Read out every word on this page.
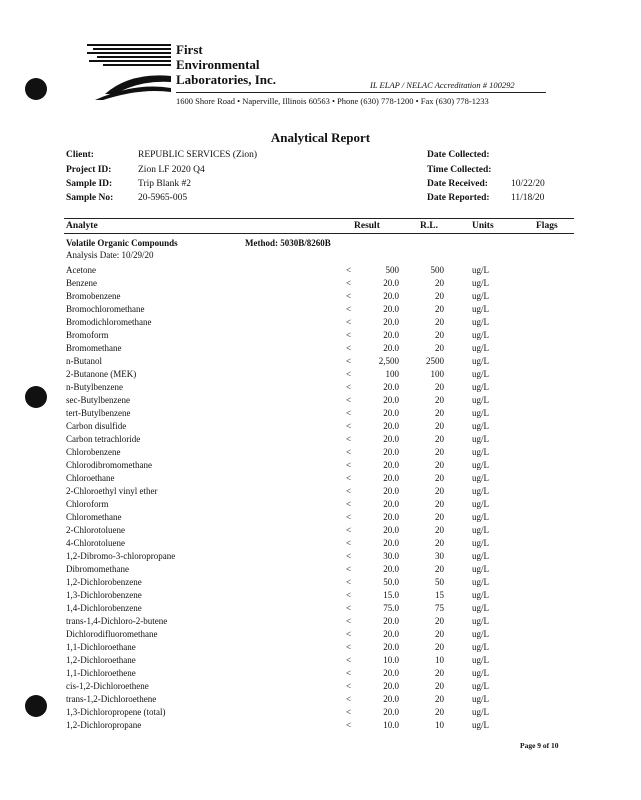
First
Environmental
Laboratories, Inc.	IL ELAP / NELAC Accreditation # 100292
1600 Shore Road • Naperville, Illinois 60563 • Phone (630) 778-1200 • Fax (630) 778-1233
Analytical Report
Client:	REPUBLIC SERVICES (Zion)
Project ID:	Zion LF 2020 Q4
Sample ID:	Trip Blank #2
Sample No:	20-5965-005
Date Collected:
Time Collected:
Date Received: 10/22/20
Date Reported: 11/18/20
Analyte	Result	R.L.	Units	Flags
Volatile Organic Compounds	Method: 5030B/8260B
Analysis Date: 10/29/20
Acetone	<	500	500	ug/L
Benzene	<	20.0	20	ug/L
Bromobenzene	<	20.0	20	ug/L
Bromochloromethane	<	20.0	20	ug/L
Bromodichloromethane	<	20.0	20	ug/L
Bromoform	<	20.0	20	ug/L
Bromomethane	<	20.0	20	ug/L
n-Butanol	<	2,500	2500	ug/L
2-Butanone (MEK)	<	100	100	ug/L
n-Butylbenzene	<	20.0	20	ug/L
sec-Butylbenzene	<	20.0	20	ug/L
tert-Butylbenzene	<	20.0	20	ug/L
Carbon disulfide	<	20.0	20	ug/L
Carbon tetrachloride	<	20.0	20	ug/L
Chlorobenzene	<	20.0	20	ug/L
Chlorodibromomethane	<	20.0	20	ug/L
Chloroethane	<	20.0	20	ug/L
2-Chloroethyl vinyl ether	<	20.0	20	ug/L
Chloroform	<	20.0	20	ug/L
Chloromethane	<	20.0	20	ug/L
2-Chlorotoluene	<	20.0	20	ug/L
4-Chlorotoluene	<	20.0	20	ug/L
1,2-Dibromo-3-chloropropane	<	30.0	30	ug/L
Dibromomethane	<	20.0	20	ug/L
1,2-Dichlorobenzene	<	50.0	50	ug/L
1,3-Dichlorobenzene	<	15.0	15	ug/L
1,4-Dichlorobenzene	<	75.0	75	ug/L
trans-1,4-Dichloro-2-butene	<	20.0	20	ug/L
Dichlorodifluoromethane	<	20.0	20	ug/L
1,1-Dichloroethane	<	20.0	20	ug/L
1,2-Dichloroethane	<	10.0	10	ug/L
1,1-Dichloroethene	<	20.0	20	ug/L
cis-1,2-Dichloroethene	<	20.0	20	ug/L
trans-1,2-Dichloroethene	<	20.0	20	ug/L
1,3-Dichloropropene (total)	<	20.0	20	ug/L
1,2-Dichloropropane	<	10.0	10	ug/L
Page 9 of 10
